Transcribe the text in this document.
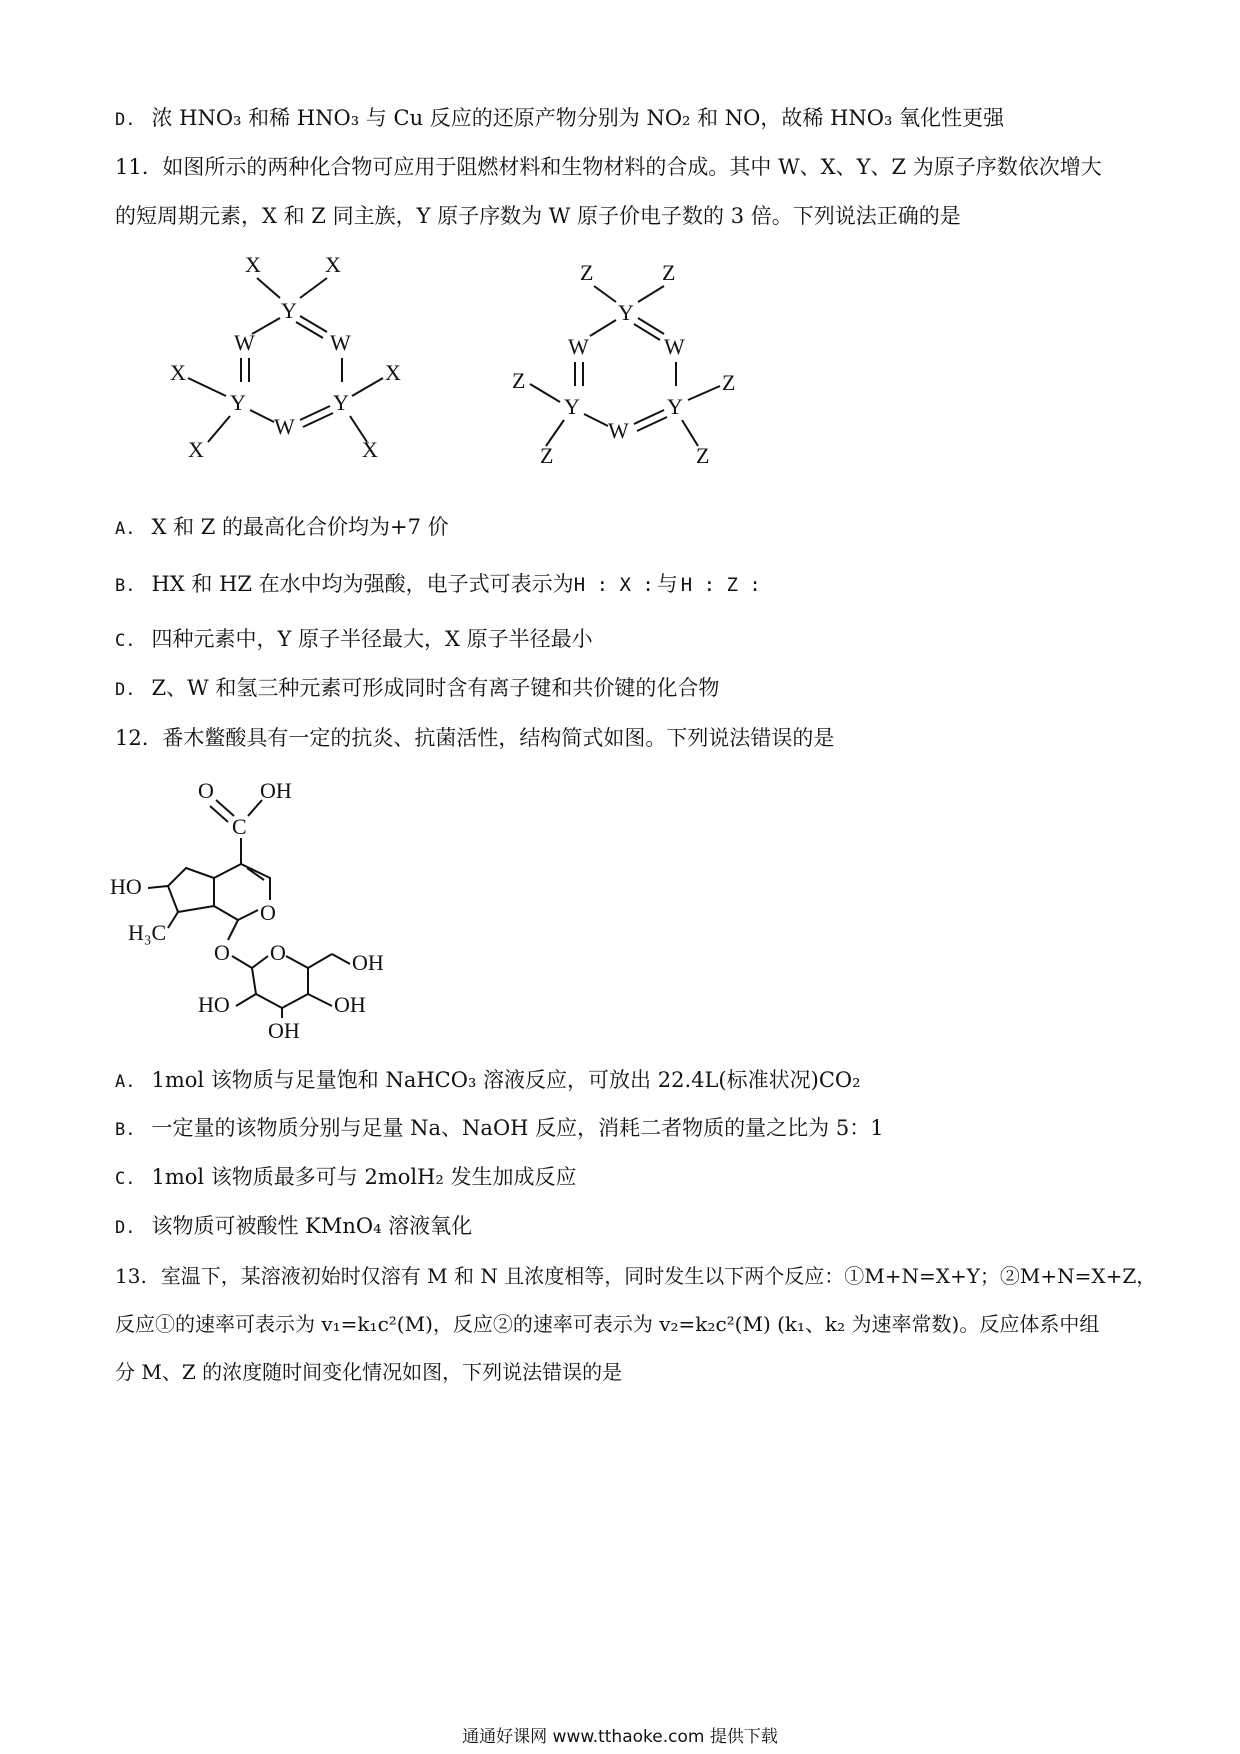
D. 浓 HNO₃ 和稀 HNO₃ 与 Cu 反应的还原产物分别为 NO₂ 和 NO，故稀 HNO₃ 氧化性更强
11. 如图所示的两种化合物可应用于阻燃材料和生物材料的合成。其中 W、X、Y、Z 为原子序数依次增大
的短周期元素，X 和 Z 同主族，Y 原子序数为 W 原子价电子数的 3 倍。下列说法正确的是
X	X
Y
W	W
X
Y	Y
X
W
X	X
Z	Z
Y
W	W
Z
Y	Y
Z
W
Z	Z
A. X 和 Z 的最高化合价均为+7 价
B. HX 和 HZ 在水中均为强酸，电子式可表示为H : X : 与 H : Z :
C. 四种元素中，Y 原子半径最大，X 原子半径最小
D. Z、W 和氢三种元素可形成同时含有离子键和共价键的化合物
12. 番木鳖酸具有一定的抗炎、抗菌活性，结构简式如图。下列说法错误的是
O OH
C
O
HO
H₃C
O O	OH
OH
HO
OH
A. 1mol 该物质与足量饱和 NaHCO₃ 溶液反应，可放出 22.4L(标准状况)CO₂
B. 一定量的该物质分别与足量 Na、NaOH 反应，消耗二者物质的量之比为 5：1
C. 1mol 该物质最多可与 2molH₂ 发生加成反应
D. 该物质可被酸性 KMnO₄ 溶液氧化
13. 室温下，某溶液初始时仅溶有 M 和 N 且浓度相等，同时发生以下两个反应：①M+N=X+Y；②M+N=X+Z，
反应①的速率可表示为 v₁=k₁c²(M)，反应②的速率可表示为 v₂=k₂c²(M) (k₁、k₂ 为速率常数)。反应体系中组
分 M、Z 的浓度随时间变化情况如图，下列说法错误的是
通通好课网 www.tthaoke.com 提供下载
